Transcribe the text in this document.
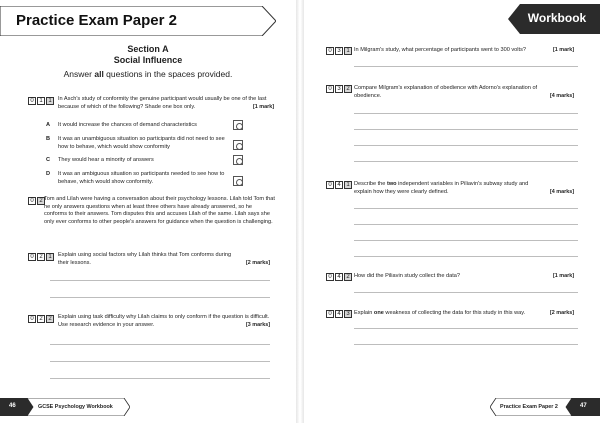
Practice Exam Paper 2
Section A
Social Influence
Answer all questions in the spaces provided.
0 1 1	In Asch's study of conformity the genuine participant would usually be one of the last because of which of the following? Shade one box only.	[1 mark]
A It would increase the chances of demand characteristics
B It was an unambiguous situation so participants did not need to see how to behave, which would show conformity
C They would hear a minority of answers
D It was an ambiguous situation so participants needed to see how to behave, which would show conformity.
0 2 Tom and Lilah were having a conversation about their psychology lessons. Lilah told Tom that he only answers questions when at least three others have already answered, so he conforms to their answers. Tom disputes this and accuses Lilah of the same. Lilah says she only ever conforms to other people's answers for guidance when the question is challenging.
0 2 1	Explain using social factors why Lilah thinks that Tom conforms during their lessons.	[2 marks]
0 2 2	Explain using task difficulty why Lilah claims to only conform if the question is difficult. Use research evidence in your answer.	[3 marks]
46	GCSE Psychology Workbook
Workbook
0 3 1 In Milgram's study, what percentage of participants went to 300 volts?	[1 mark]
0 3 2 Compare Milgram's explanation of obedience with Adorno's explanation of obedience.	[4 marks]
0 4 1 Describe the two independent variables in Piliavin's subway study and explain how they were clearly defined.	[4 marks]
0 4 2 How did the Piliavin study collect the data?	[1 mark]
0 4 3 Explain one weakness of collecting the data for this study in this way.	[2 marks]
Practice Exam Paper 2	47
